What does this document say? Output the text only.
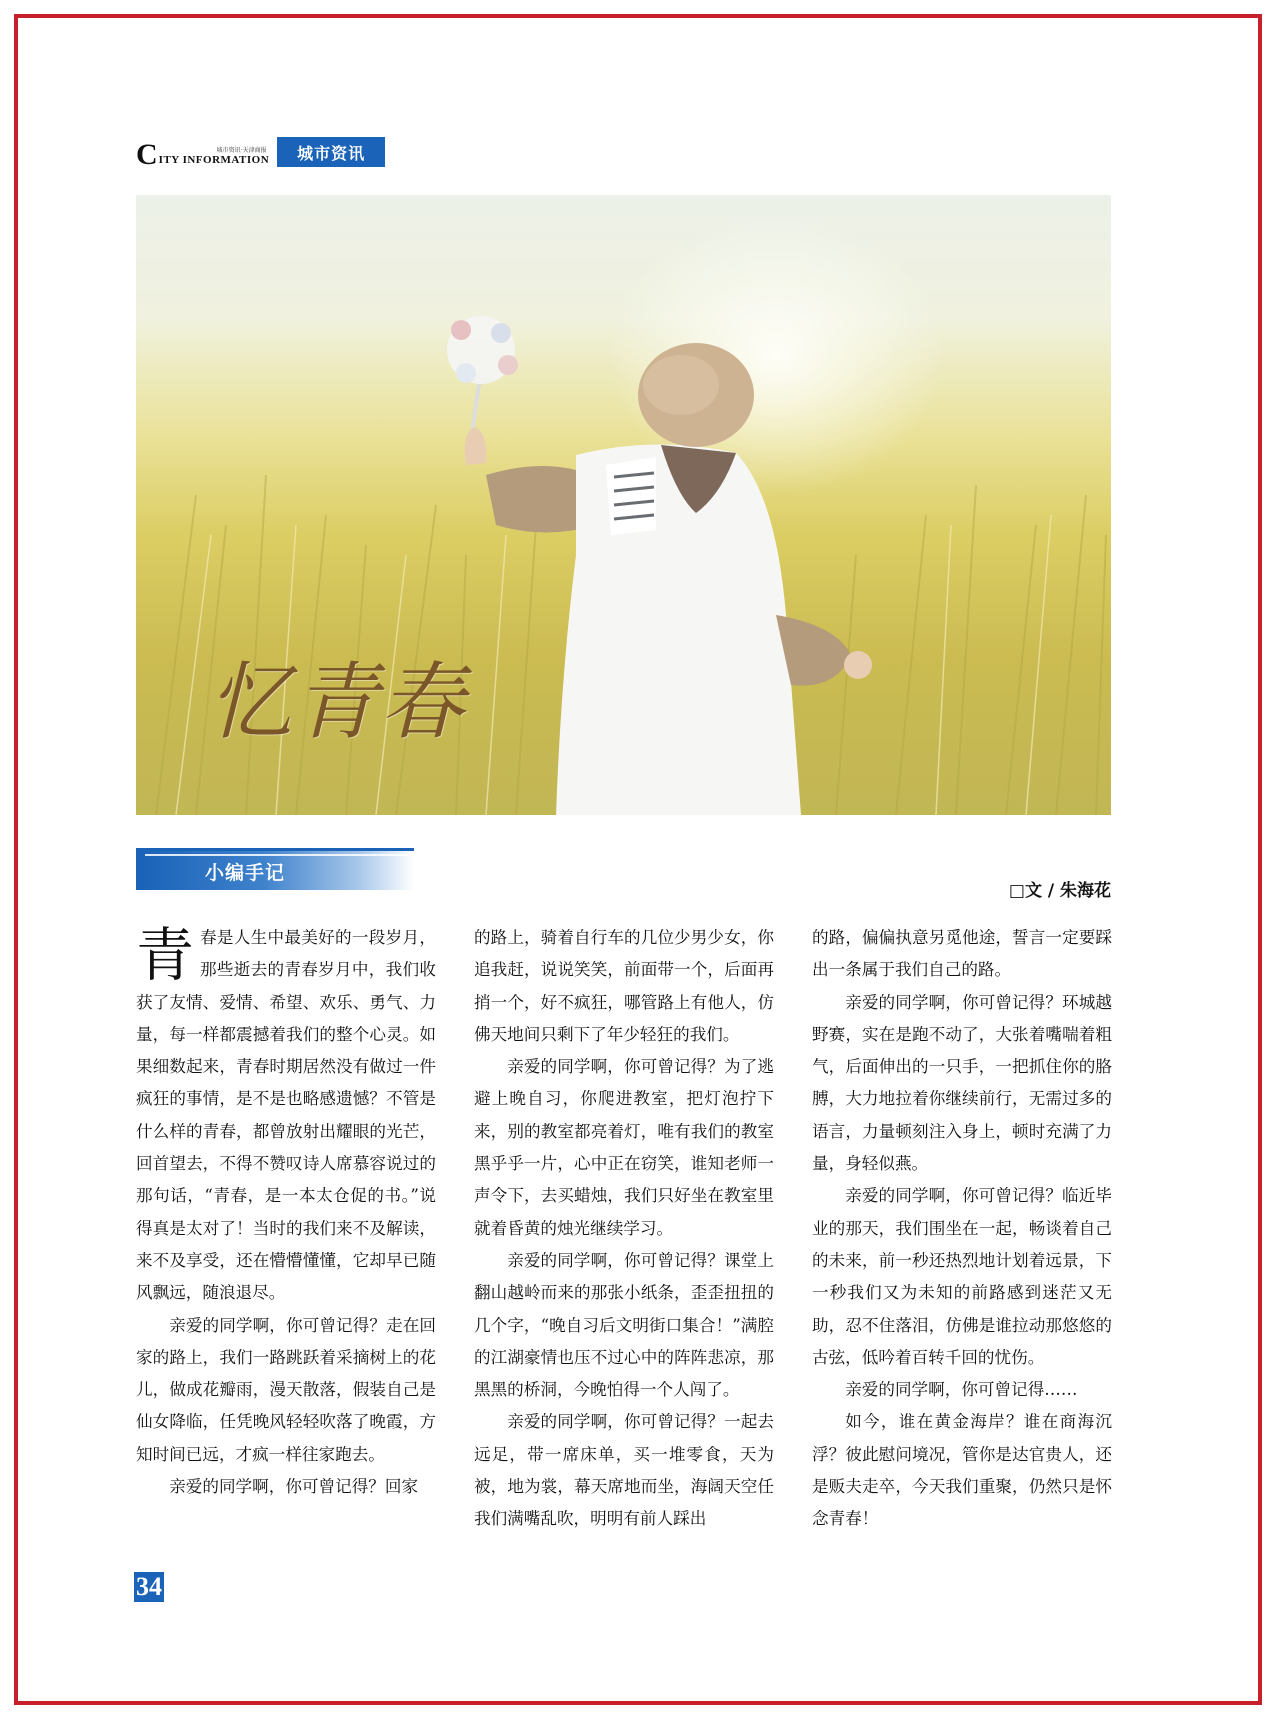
C	城市资讯·天津商报
ITY INFORMATION	城市资讯
忆青春
小编手记
□文 / 朱海花

青春是人生中最美好的一段岁月，那些逝去的青春岁月中，我们收获了友情、爱情、希望、欢乐、勇气、力量，每一样都震撼着我们的整个心灵。如果细数起来，青春时期居然没有做过一件疯狂的事情，是不是也略感遗憾？不管是什么样的青春，都曾放射出耀眼的光芒，回首望去，不得不赞叹诗人席慕容说过的那句话，“青春，是一本太仓促的书。”说得真是太对了！当时的我们来不及解读，来不及享受，还在懵懵懂懂，它却早已随风飘远，随浪退尽。

亲爱的同学啊，你可曾记得？走在回家的路上，我们一路跳跃着采摘树上的花儿，做成花瓣雨，漫天散落，假装自己是仙女降临，任凭晚风轻轻吹落了晚霞，方知时间已远，才疯一样往家跑去。

亲爱的同学啊，你可曾记得？回家

的路上，骑着自行车的几位少男少女，你追我赶，说说笑笑，前面带一个，后面再捎一个，好不疯狂，哪管路上有他人，仿佛天地间只剩下了年少轻狂的我们。

亲爱的同学啊，你可曾记得？为了逃避上晚自习，你爬进教室，把灯泡拧下来，别的教室都亮着灯，唯有我们的教室黑乎乎一片，心中正在窃笑，谁知老师一声令下，去买蜡烛，我们只好坐在教室里就着昏黄的烛光继续学习。

亲爱的同学啊，你可曾记得？课堂上翻山越岭而来的那张小纸条，歪歪扭扭的几个字，“晚自习后文明街口集合！”满腔的江湖豪情也压不过心中的阵阵悲凉，那黑黑的桥洞，今晚怕得一个人闯了。

亲爱的同学啊，你可曾记得？一起去远足，带一席床单，买一堆零食，天为被，地为裳，幕天席地而坐，海阔天空任我们满嘴乱吹，明明有前人踩出

的路，偏偏执意另觅他途，誓言一定要踩出一条属于我们自己的路。

亲爱的同学啊，你可曾记得？环城越野赛，实在是跑不动了，大张着嘴喘着粗气，后面伸出的一只手，一把抓住你的胳膊，大力地拉着你继续前行，无需过多的语言，力量顿刻注入身上，顿时充满了力量，身轻似燕。

亲爱的同学啊，你可曾记得？临近毕业的那天，我们围坐在一起，畅谈着自己的未来，前一秒还热烈地计划着远景，下一秒我们又为未知的前路感到迷茫又无助，忍不住落泪，仿佛是谁拉动那悠悠的古弦，低吟着百转千回的忧伤。

亲爱的同学啊，你可曾记得……

如今，谁在黄金海岸？谁在商海沉浮？彼此慰问境况，管你是达官贵人，还是贩夫走卒，今天我们重聚，仍然只是怀念青春！

34
